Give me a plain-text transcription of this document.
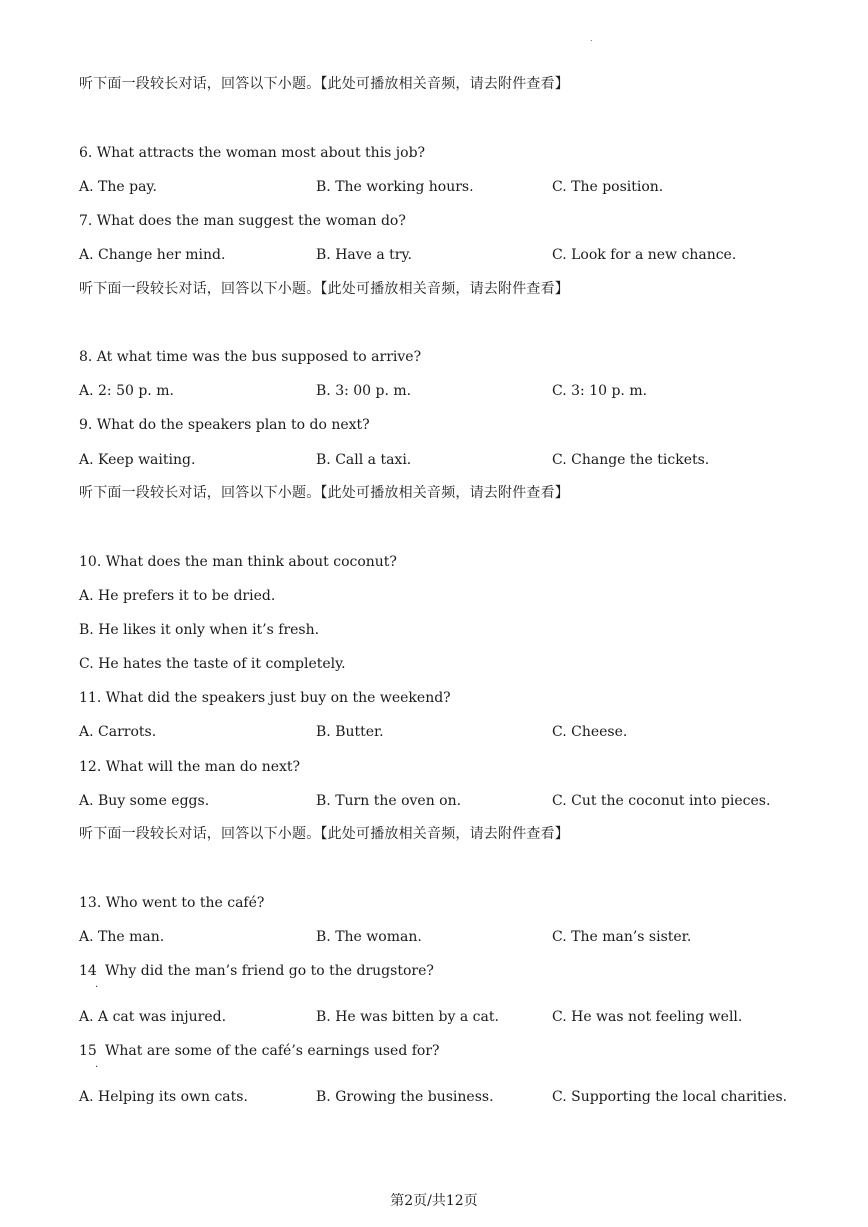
.
听下面一段较长对话，回答以下小题。【此处可播放相关音频，请去附件查看】
6. What attracts the woman most about this job?
A. The pay.	B. The working hours.	C. The position.
7. What does the man suggest the woman do?
A. Change her mind.	B. Have a try.	C. Look for a new chance.
听下面一段较长对话，回答以下小题。【此处可播放相关音频，请去附件查看】
8. At what time was the bus supposed to arrive?
A. 2: 50 p. m.	B. 3: 00 p. m.	C. 3: 10 p. m.
9. What do the speakers plan to do next?
A. Keep waiting.	B. Call a taxi.	C. Change the tickets.
听下面一段较长对话，回答以下小题。【此处可播放相关音频，请去附件查看】
10. What does the man think about coconut?
A. He prefers it to be dried.
B. He likes it only when it’s fresh.
C. He hates the taste of it completely.
11. What did the speakers just buy on the weekend?
A. Carrots.	B. Butter.	C. Cheese.
12. What will the man do next?
A. Buy some eggs.	B. Turn the oven on.	C. Cut the coconut into pieces.
听下面一段较长对话，回答以下小题。【此处可播放相关音频，请去附件查看】
13. Who went to the café?
A. The man.	B. The woman.	C. The man’s sister.
14
.
Why did the man’s friend go to the drugstore?
A. A cat was injured.	B. He was bitten by a cat.	C. He was not feeling well.
15
.
What are some of the café’s earnings used for?
A. Helping its own cats.	B. Growing the business.	C. Supporting the local charities.
第2页/共12页
